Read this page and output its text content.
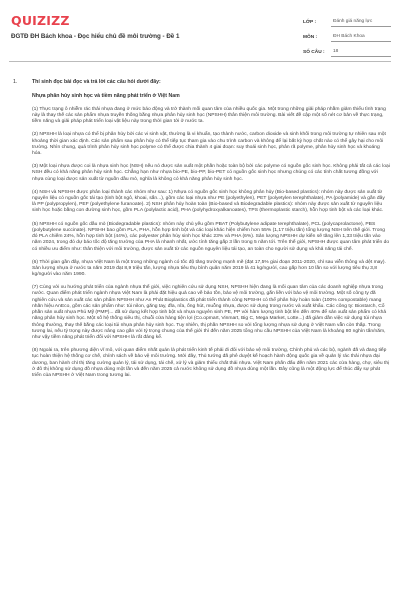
QUIZIZZ
ĐGTĐ ĐH Bách khoa - Đọc hiểu chủ đề môi trường - Đề 1
LỚP :	Đánh giá năng lực
MÔN :	ĐH Bách Khoa
SỐ CÂU :	18
1.	Thí sinh đọc bài đọc và trả lời các câu hỏi dưới đây:
Nhựa phân hủy sinh học và tiềm năng phát triển ở Việt Nam

(1) Thực trạng ô nhiễm rác thải nhựa đang ở mức báo động và trở thành mối quan tâm của nhiều quốc gia. Một trong những giải pháp nhằm giảm thiểu tình trạng này là thay thế các sản phẩm nhựa truyền thống bằng nhựa phân hủy sinh học (NPSHH) thân thiện môi trường. Bài viết đề cập một số nét cơ bản về thực trạng, tiềm năng và giải pháp phát triển loại vật liệu này trong thời gian tới ở nước ta.

(2) NPSHH là loại nhựa có thể bị phân hủy bởi các vi sinh vật, thường là vi khuẩn, tạo thành nước, carbon dioxide và sinh khối trong môi trường tự nhiên sau một khoảng thời gian xác định. Các sản phẩm sau phân hủy có thể tiếp tục tham gia vào chu trình carbon và không để lại bất kỳ hợp chất nào có thể gây hại cho môi trường. Nhìn chung, quá trình phân hủy sinh học polyme có thể được chia thành 4 giai đoạn: suy thoái sinh học, phân rã polyme, phân hủy sinh học và khoáng hóa.

(3) Một loại nhựa được coi là nhựa sinh học (NSH) nếu nó được sản xuất một phần hoặc toàn bộ bởi các polyme có nguồn gốc sinh học. Không phải tất cả các loại NSH đều có khả năng phân hủy sinh học. Chẳng hạn như nhựa bio-PE, bio-PP, bio-PET có nguồn gốc sinh học nhưng chúng có các tính chất tương đồng với nhựa cùng loại được sản xuất từ nguồn dầu mỏ, nghĩa là không có khả năng phân hủy sinh học.

(4) NSH và NPSHH được phân loại thành các nhóm như sau: 1) Nhựa có nguồn gốc sinh học không phân hủy (Bio-based plastics): nhóm này được sản xuất từ nguyên liệu có nguồn gốc tái tạo (tinh bột ngô, khoai, sắn...), gồm các loại nhựa như PE (polyethylen), PET (polyetylen terephthalate), PA (polyamide) và gần đây là PP (polypropylen), PEF (polyethylene furanoate). 2) NSH phân hủy hoàn toàn (Bio-based và Biodegradable plastics): nhóm này được sản xuất từ nguyên liệu sinh học hoặc bằng con đường sinh học, gồm PLA (polylactic acid), PHA (polyhydroxyalkanoates), TPS (thermoplastic starch), hỗn hợp tinh bột và các loại khác.

(5) NPSHH có nguồn gốc dầu mỏ (Biodegradable plastics): nhóm này chủ yếu gồm PBAT (Polybutylene adipate terephthalate), PCL (polycaprolactone), PBS (polybutylene succinate). NPSHH bao gồm PLA, PHA, hỗn hợp tinh bột và các loại khác hiện chiếm hơn 55% (1,17 triệu tấn) tổng lượng NSH trên thế giới. Trong đó PLA chiếm 24%, hỗn hợp tinh bột (44%), các polyester phân hủy sinh học khác 23% và PHA (6%). Sản lượng NPSHH dự kiến sẽ tăng lên 1,33 triệu tấn vào năm 2024, trong đó dự báo tốc độ tăng trưởng của PHA là nhanh nhất, ước tính tăng gấp 3 lần trong 5 năm tới. Trên thế giới, NPSHH được quan tâm phát triển do có nhiều ưu điểm như: thân thiện với môi trường, được sản xuất từ các nguồn nguyên liệu tái tạo, an toàn cho người sử dụng và khả năng tái chế.

(6) Thời gian gần đây, nhựa Việt Nam là một trong những ngành có tốc độ tăng trưởng mạnh mẽ (đạt 17,5% giai đoạn 2011-2020, chỉ sau viễn thông và dệt may). Sản lượng nhựa ở nước ta năm 2019 đạt 8,9 triệu tấn, lượng nhựa tiêu thụ bình quân năm 2019 là 41 kg/người, cao gấp hơn 10 lần so với lượng tiêu thụ 3,8 kg/người vào năm 1990.

(7) Cùng với xu hướng phát triển của ngành nhựa thế giới, việc nghiên cứu sử dụng NSH, NPSHH hiện đang là mối quan tâm của các doanh nghiệp nhựa trong nước. Quan điểm phát triển ngành nhựa Việt Nam là phải đặt hiệu quả cao về bảo tồn, bảo vệ môi trường, gắn liền với bảo vệ môi trường. Một số công ty đã nghiên cứu và sản xuất các sản phẩm NPSHH như An Phát Bioplastics đã phát triển thành công NPSHH có thể phân hủy hoàn toàn (100% compostable) mang nhãn hiệu AnEco, gồm các sản phẩm như: túi nilon, găng tay, đĩa, nĩa, ống hút, muỗng nhựa, được sử dụng trong nước và xuất khẩu. Các công ty: Biostarch, Cổ phần sản xuất nhựa Phú Mỹ (PMP)... đã sử dụng kết hợp tinh bột và nhựa nguyên sinh PE, PP với hàm lượng tinh bột lên đến 40% để sản xuất sản phẩm có khả năng phân hủy sinh học. Một số hệ thống siêu thị, chuỗi cửa hàng tiện lợi (Co.opmart, Vinmart, Big C, Mega Market, Lotte...) đã giảm dần việc sử dụng túi nhựa thông thường, thay thế bằng các loại túi nhựa phân hủy sinh học. Tuy nhiên, thị phần NPSHH so với tổng lượng nhựa sử dụng ở Việt Nam vẫn còn thấp. Trong tương lai, nếu tỷ trọng này được nâng cao gần với tỷ trọng chung của thế giới thì đến năm 2025 tổng nhu cầu NPSHH của Việt Nam là khoảng 80 nghìn tấn/năm, như vậy tiềm năng phát triển đối với NPSHH là rất đáng kể.

(8) Ngoài ra, trên phương diện vĩ mô, với quan điểm nhất quán là phát triển kinh tế phải đi đôi với bảo vệ môi trường, Chính phủ và các bộ, ngành đã và đang tiếp tục hoàn thiện hệ thống cơ chế, chính sách về bảo vệ môi trường. Mới đây, Thủ tướng đã phê duyệt kế hoạch hành động quốc gia về quản lý rác thải nhựa đại dương, ban hành chỉ thị tăng cường quản lý, tái sử dụng, tái chế, xử lý và giảm thiểu chất thải nhựa. Việt Nam phấn đấu đến năm 2021 các cửa hàng, chợ, siêu thị ở đô thị không sử dụng đồ nhựa dùng một lần và đến năm 2025 cả nước không sử dụng đồ nhựa dùng một lần. Đây cũng là một động lực để thúc đẩy sự phát triển của NPSHH ở Việt Nam trong tương lai.
